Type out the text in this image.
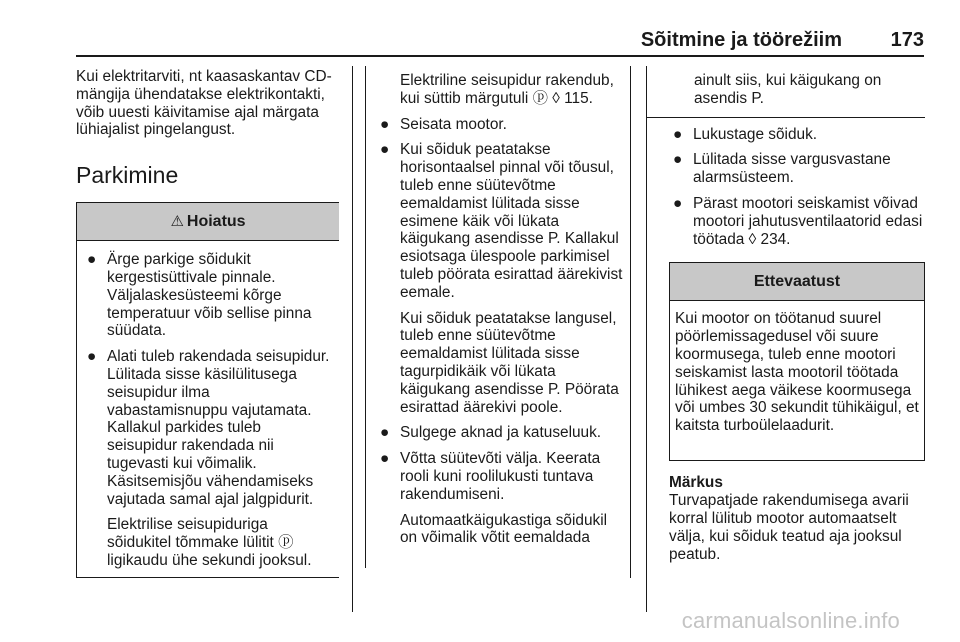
Sõitmine ja töörežiim 173

Kui elektritarviti, nt kaasaskantav CD-mängija ühendatakse elektrikontakti, võib uuesti käivitamise ajal märgata lühiajalist pingelangust.

Parkimine

⚠ Hoiatus

● Ärge parkige sõidukit kergestisüttivale pinnale. Väljalaskesüsteemi kõrge temperatuur võib sellise pinna süüdata.

● Alati tuleb rakendada seisupidur. Lülitada sisse käsilülitusega seisupidur ilma vabastamisnuppu vajutamata. Kallakul parkides tuleb seisupidur rakendada nii tugevasti kui võimalik. Käsitsemisjõu vähendamiseks vajutada samal ajal jalgpidurit.

Elektrilise seisupiduriga sõidukitel tõmmake lülitit ⓟ ligikaudu ühe sekundi jooksul.

Elektriline seisupidur rakendub, kui süttib märgutuli ⓟ ◊ 115.

● Seisata mootor.

● Kui sõiduk peatatakse horisontaalsel pinnal või tõusul, tuleb enne süütevõtme eemaldamist lülitada sisse esimene käik või lükata käigukang asendisse P. Kallakul esiotsaga ülespoole parkimisel tuleb pöörata esirattad äärekivist eemale.

Kui sõiduk peatatakse langusel, tuleb enne süütevõtme eemaldamist lülitada sisse tagurpidikäik või lükata käigukang asendisse P. Pöörata esirattad äärekivi poole.

● Sulgege aknad ja katuseluuk.

● Võtta süütevõti välja. Keerata rooli kuni roolilukusti tuntava rakendumiseni.

Automaatkäigukastiga sõidukil on võimalik võtit eemaldada

ainult siis, kui käigukang on asendis P.

● Lukustage sõiduk.

● Lülitada sisse vargusvastane alarmsüsteem.

● Pärast mootori seiskamist võivad mootori jahutusventilaatorid edasi töötada ◊ 234.

Ettevaatust
Kui mootor on töötanud suurel pöörlemissagedusel või suure koormusega, tuleb enne mootori seiskamist lasta mootoril töötada lühikest aega väikese koormusega või umbes 30 sekundit tühikäigul, et kaitsta turboülelaadurit.

Märkus

Turvapatjade rakendumisega avarii korral lülitub mootor automaatselt välja, kui sõiduk teatud aja jooksul peatub.

carmanualsonline.info
